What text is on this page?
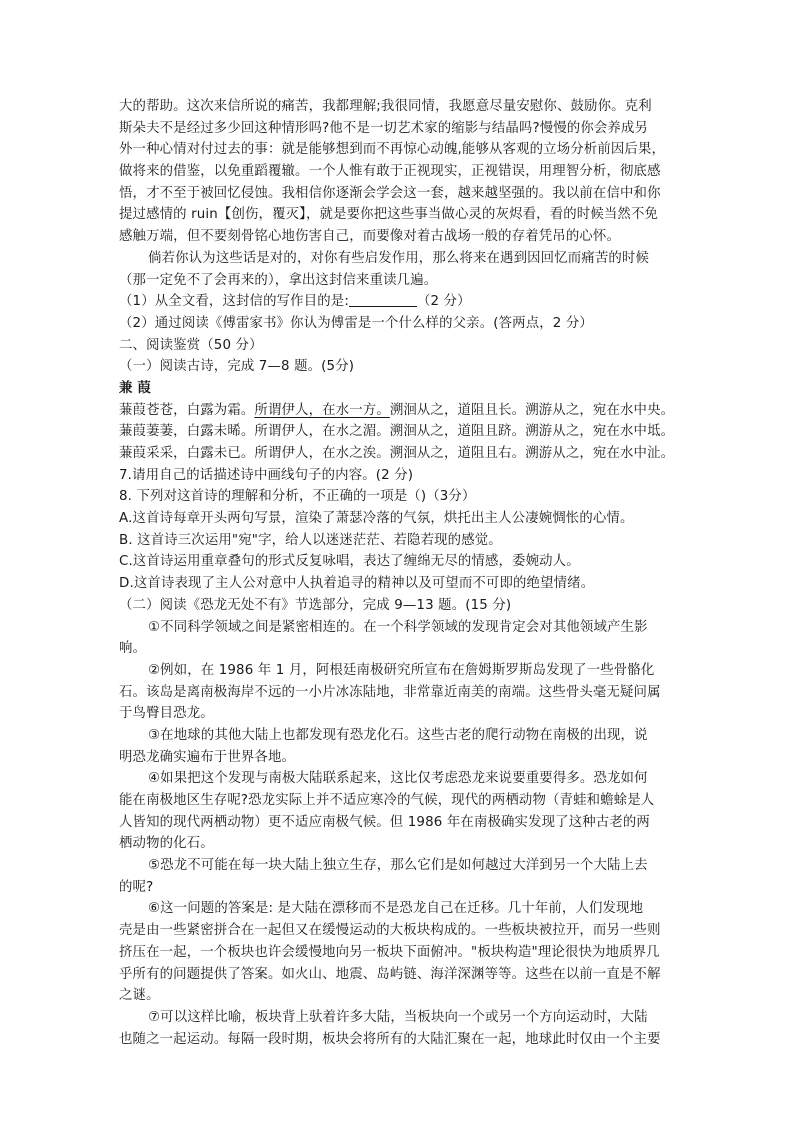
大的帮助。这次来信所说的痛苦，我都理解;我很同情，我愿意尽量安慰你、鼓励你。克利
斯朵夫不是经过多少回这种情形吗?他不是一切艺术家的缩影与结晶吗?慢慢的你会养成另
外一种心情对付过去的事：就是能够想到而不再惊心动魄,能够从客观的立场分析前因后果，
做将来的借鉴，以免重蹈覆辙。一个人惟有敢于正视现实，正视错误，用理智分析，彻底感
悟，才不至于被回忆侵蚀。我相信你逐渐会学会这一套，越来越坚强的。我以前在信中和你
提过感情的 ruin【创伤，覆灭】，就是要你把这些事当做心灵的灰烬看，看的时候当然不免
感触万端，但不要刻骨铭心地伤害自己，而要像对着古战场一般的存着凭吊的心怀。
倘若你认为这些话是对的，对你有些启发作用，那么将来在遇到因回忆而痛苦的时候
（那一定免不了会再来的），拿出这封信来重读几遍。
（1）从全文看，这封信的写作目的是:	（2 分）
（2）通过阅读《傅雷家书》你认为傅雷是一个什么样的父亲。(答两点，2 分）
二、阅读鉴赏（50 分）
（一）阅读古诗，完成 7—8 题。(5分)
兼 葭
蒹葭苍苍，白露为霜。所谓伊人，在水一方。溯洄从之，道阻且长。溯游从之，宛在水中央。
蒹葭萋萋，白露未晞。所谓伊人，在水之湄。溯洄从之，道阻且跻。溯游从之，宛在水中坻。
蒹葭采采，白露未已。所谓伊人，在水之涘。溯洄从之，道阻且右。溯游从之，宛在水中沚。
7.请用自己的话描述诗中画线句子的内容。(2 分)
8. 下列对这首诗的理解和分析，不正确的一项是（)（3分）
A.这首诗每章开头两句写景，渲染了萧瑟冷落的气氛，烘托出主人公凄婉惆怅的心情。
B. 这首诗三次运用"宛"字，给人以迷迷茫茫、若隐若现的感觉。
C.这首诗运用重章叠句的形式反复咏唱，表达了缠绵无尽的情感，委婉动人。
D.这首诗表现了主人公对意中人执着追寻的精神以及可望而不可即的绝望情绪。
（二）阅读《恐龙无处不有》节选部分，完成 9—13 题。(15 分)
①不同科学领域之间是紧密相连的。在一个科学领域的发现肯定会对其他领域产生影
响。
②例如，在 1986 年 1 月，阿根廷南极研究所宣布在詹姆斯罗斯岛发现了一些骨骼化
石。该岛是离南极海岸不远的一小片冰冻陆地，非常靠近南美的南端。这些骨头毫无疑问属
于鸟臀目恐龙。
③在地球的其他大陆上也都发现有恐龙化石。这些古老的爬行动物在南极的出现，说
明恐龙确实遍布于世界各地。
④如果把这个发现与南极大陆联系起来，这比仅考虑恐龙来说要重要得多。恐龙如何
能在南极地区生存呢?恐龙实际上并不适应寒冷的气候，现代的两栖动物（青蛙和蟾蜍是人
人皆知的现代两栖动物）更不适应南极气候。但 1986 年在南极确实发现了这种古老的两
栖动物的化石。
⑤恐龙不可能在每一块大陆上独立生存，那么它们是如何越过大洋到另一个大陆上去
的呢?
⑥这一问题的答案是: 是大陆在漂移而不是恐龙自己在迁移。几十年前，人们发现地
壳是由一些紧密拼合在一起但又在缓慢运动的大板块构成的。一些板块被拉开，而另一些则
挤压在一起，一个板块也许会缓慢地向另一板块下面俯冲。"板块构造"理论很快为地质界几
乎所有的问题提供了答案。如火山、地震、岛屿链、海洋深渊等等。这些在以前一直是不解
之谜。
⑦可以这样比喻，板块背上驮着许多大陆，当板块向一个或另一个方向运动时，大陆
也随之一起运动。每隔一段时期，板块会将所有的大陆汇聚在一起，地球此时仅由一个主要
